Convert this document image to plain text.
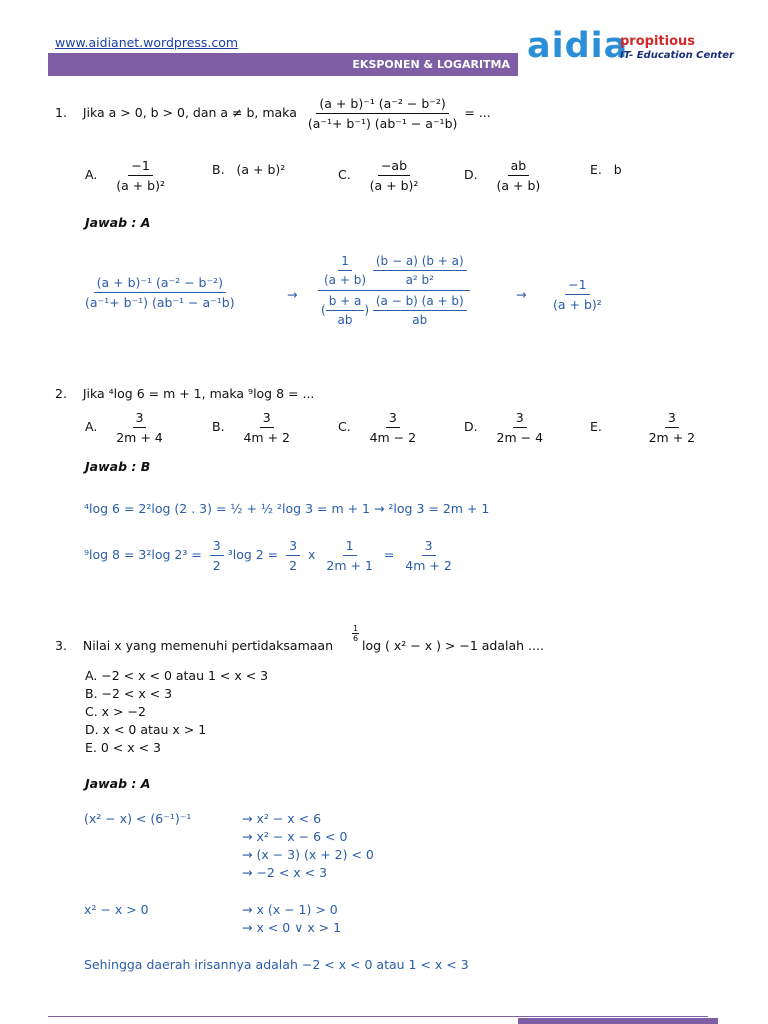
www.aidianet.wordpress.com
EKSPONEN & LOGARITMA aidia
propitious
IT- Education Center
1. Jika a > 0, b > 0, dan a ≠ b, maka $\frac{\text{(a + b)⁻¹ (a⁻² − b⁻²)}}{\text{(a⁻¹+ b⁻¹) (ab⁻¹ − a⁻¹b)}}$ = ...
A. $\frac{-1}{\text{(a + b)²}}$	B. (a + b)²	C. $\frac{-ab}{\text{(a + b)²}}$	D. $\frac{ab}{(a + b)}$	E. b
Jawab : A
$\frac{\text{(a + b)⁻¹ (a⁻² − b⁻²)}}{\text{(a⁻¹+ b⁻¹) (ab⁻¹ − a⁻¹b)}}$	→ $\frac{1}{(a + b)}$
$\frac{(b - a) (b + a)}{\text{a² b²}}$
( $\frac{b + a}{ab}$ ) $\frac{(a - b) (a + b)}{ab}$	→ $\frac{-1}{\text{(a + b)²}}$
2. Jika ⁴log 6 = m + 1, maka ⁹log 8 = ...
A. $\frac{3}{2m + 4}$	B. $\frac{3}{4m + 2}$	C. $\frac{3}{4m - 2}$	D. $\frac{3}{2m - 4}$	E.	$\frac{3}{2m + 2}$
Jawab : B
⁴log 6 = 2²log (2 . 3) = ½ + ½ ²log 3 = m + 1 → ²log 3 = 2m + 1
⁹log 8 = 3²log $2^3 = \frac{3}{2} ^3\log$ $2 = \frac{3}{2}$ x $\frac{1}{2m + 1} = \frac{3}{4m + 2}$
3. Nilai x yang memenuhi pertidaksamaan
$\frac{1}{6}$
log ( x² − x ) > −1 adalah ....
A. −2 < x < 0 atau 1 < x < 3
B. −2 < x < 3
C. x > −2
D. x < 0 atau x > 1
E. 0 < x < 3
Jawab : A
(x² − x) < (6⁻¹)⁻¹	→ x² − x < 6
→ x² − x − 6 < 0
→ (x − 3) (x + 2) < 0
→ −2 < x < 3
x² − x > 0	→ x (x − 1) > 0
→ x < 0 ∨ x > 1
Sehingga daerah irisannya adalah −2 < x < 0 atau 1 < x < 3
